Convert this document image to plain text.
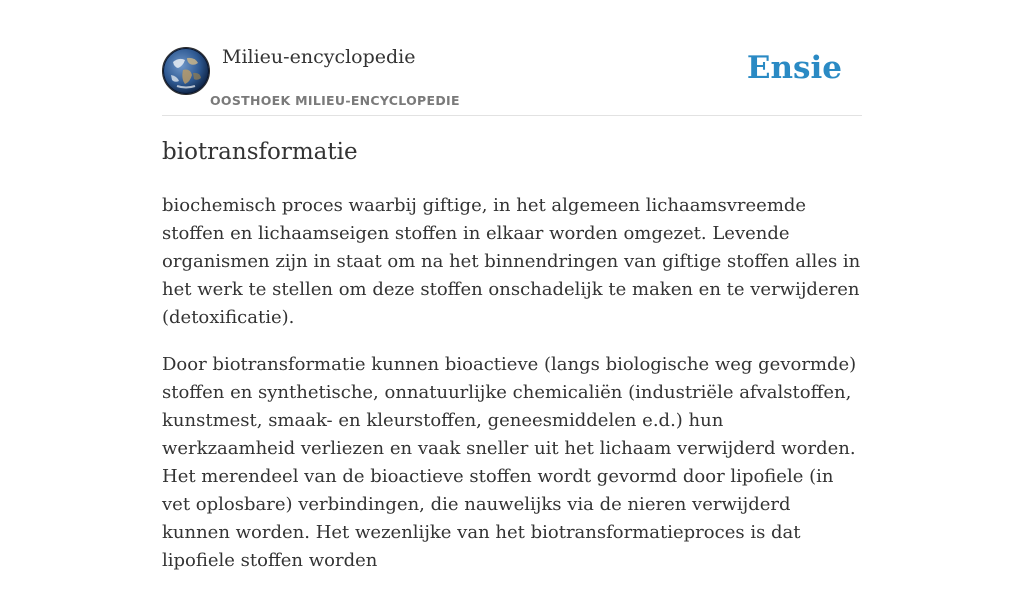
Milieu-encyclopedie
OOSTHOEK MILIEU-ENCYCLOPEDIE
Ensie
biotransformatie

biochemisch proces waarbij giftige, in het algemeen lichaamsvreemde stoffen en lichaamseigen stoffen in elkaar worden omgezet. Levende organismen zijn in staat om na het binnendringen van giftige stoffen alles in het werk te stellen om deze stoffen onschadelijk te maken en te verwijderen (detoxificatie).

Door biotransformatie kunnen bioactieve (langs biologische weg gevormde) stoffen en synthetische, onnatuurlijke chemicaliën (industriële afvalstoffen, kunstmest, smaak- en kleurstoffen, geneesmiddelen e.d.) hun werkzaamheid verliezen en vaak sneller uit het lichaam verwijderd worden. Het merendeel van de bioactieve stoffen wordt gevormd door lipofiele (in vet oplosbare) verbindingen, die nauwelijks via de nieren verwijderd kunnen worden. Het wezenlijke van het biotransformatieproces is dat lipofiele stoffen worden
